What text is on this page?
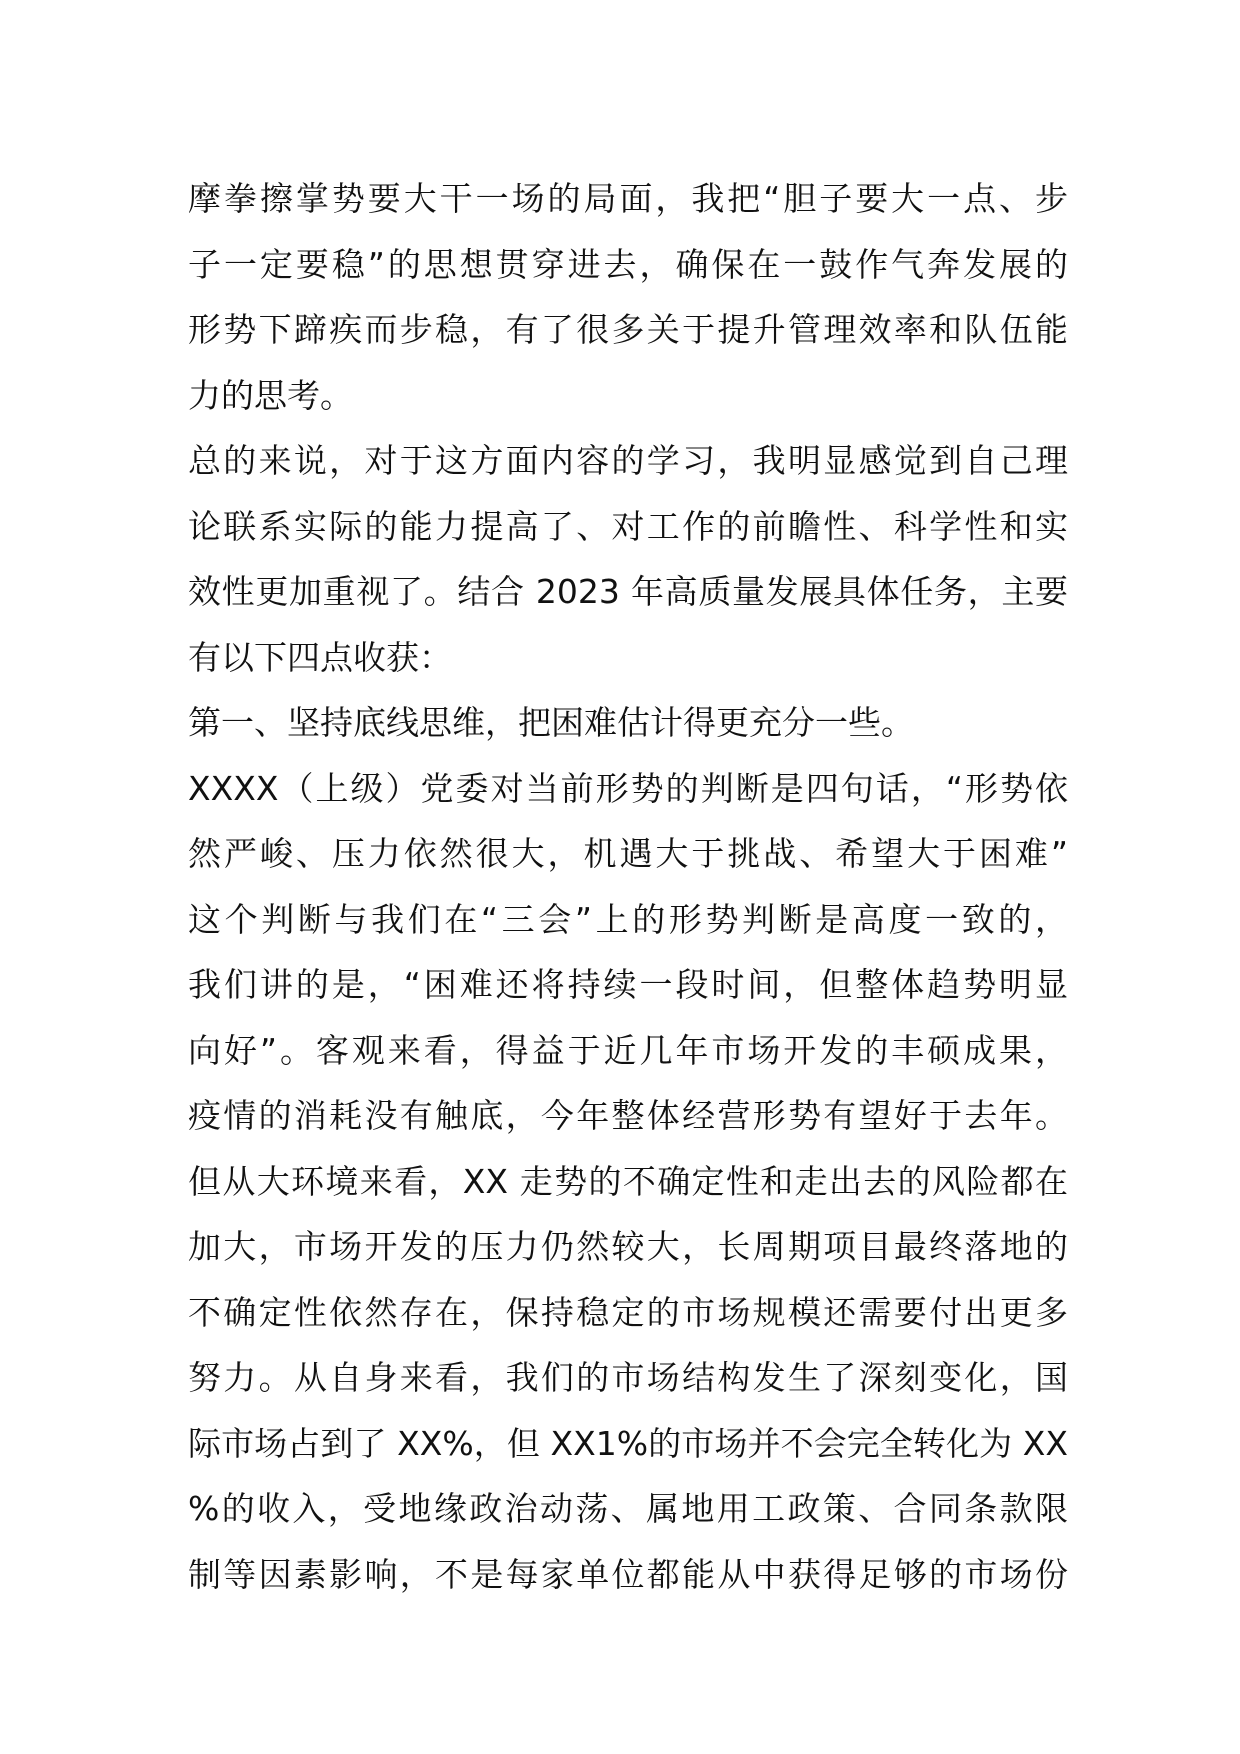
摩拳擦掌势要大干一场的局面，我把“胆子要大一点、步
子一定要稳”的思想贯穿进去，确保在一鼓作气奔发展的
形势下蹄疾而步稳，有了很多关于提升管理效率和队伍能
力的思考。
总的来说，对于这方面内容的学习，我明显感觉到自己理
论联系实际的能力提高了、对工作的前瞻性、科学性和实
效性更加重视了。结合 2023 年高质量发展具体任务，主要
有以下四点收获：
第一、坚持底线思维，把困难估计得更充分一些。
XXXX（上级）党委对当前形势的判断是四句话，“形势依
然严峻、压力依然很大，机遇大于挑战、希望大于困难”
这个判断与我们在“三会”上的形势判断是高度一致的，
我们讲的是，“困难还将持续一段时间，但整体趋势明显
向好”。客观来看，得益于近几年市场开发的丰硕成果，
疫情的消耗没有触底，今年整体经营形势有望好于去年。
但从大环境来看，XX 走势的不确定性和走出去的风险都在
加大，市场开发的压力仍然较大，长周期项目最终落地的
不确定性依然存在，保持稳定的市场规模还需要付出更多
努力。从自身来看，我们的市场结构发生了深刻变化，国
际市场占到了 XX%，但 XX1%的市场并不会完全转化为 XX
%的收入，受地缘政治动荡、属地用工政策、合同条款限
制等因素影响，不是每家单位都能从中获得足够的市场份
